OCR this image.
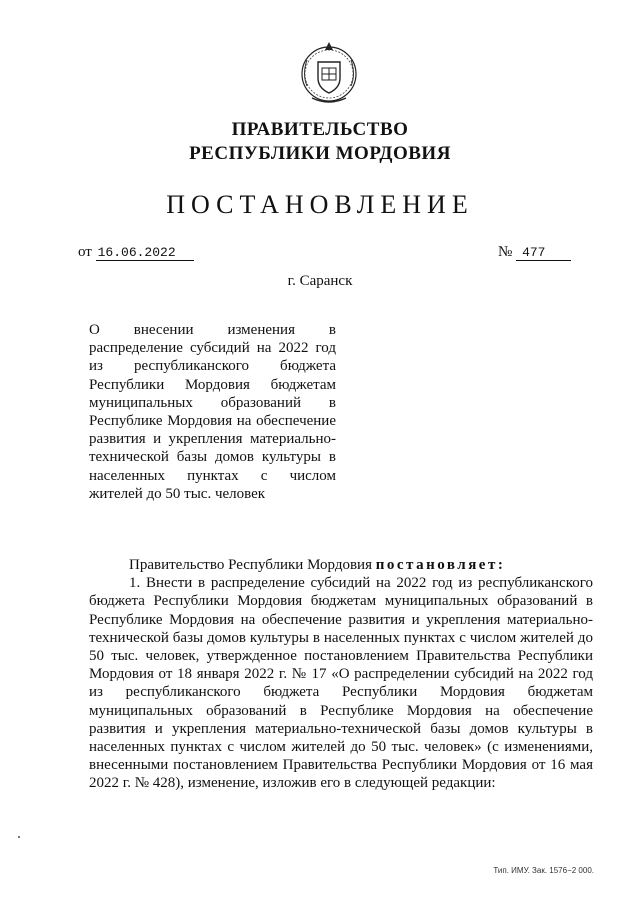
ПРАВИТЕЛЬСТВО
РЕСПУБЛИКИ МОРДОВИЯ
ПОСТАНОВЛЕНИЕ
от 16.06.2022	№ 477
г. Саранск
О внесении изменения в распределение субсидий на 2022 год из республиканского бюджета Республики Мордовия бюджетам муниципальных образований в Республике Мордовия на обеспечение развития и укрепления материально-технической базы домов культуры в населенных пунктах с числом жителей до 50 тыс. человек

Правительство Республики Мордовия постановляет:

1. Внести в распределение субсидий на 2022 год из республиканского бюджета Республики Мордовия бюджетам муниципальных образований в Республике Мордовия на обеспечение развития и укрепления материально-технической базы домов культуры в населенных пунктах с числом жителей до 50 тыс. человек, утвержденное постановлением Правительства Республики Мордовия от 18 января 2022 г. № 17 «О распределении субсидий на 2022 год из республиканского бюджета Республики Мордовия бюджетам муниципальных образований в Республике Мордовия на обеспечение развития и укрепления материально-технической базы домов культуры в населенных пунктах с числом жителей до 50 тыс. человек» (с изменениями, внесенными постановлением Правительства Республики Мордовия от 16 мая 2022 г. № 428), изменение, изложив его в следующей редакции:

Тип. ИМУ. Зак. 1576−2 000.
